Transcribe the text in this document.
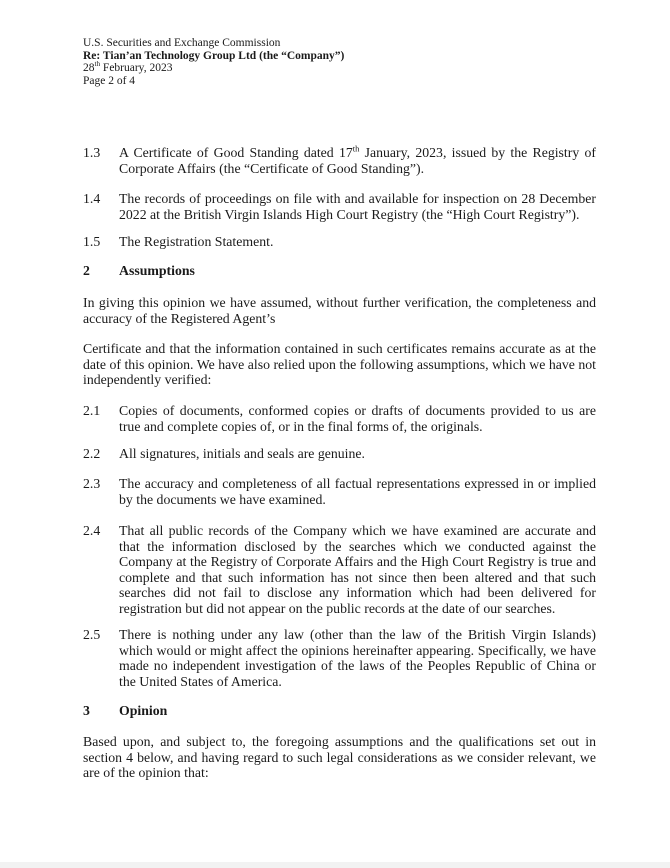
U.S. Securities and Exchange Commission
Re: Tian’an Technology Group Ltd (the “Company”)
28th February, 2023
Page 2 of 4
1.3 A Certificate of Good Standing dated 17th January, 2023, issued by the Registry of Corporate Affairs (the “Certificate of Good Standing”).
1.4 The records of proceedings on file with and available for inspection on 28 December 2022 at the British Virgin Islands High Court Registry (the “High Court Registry”).
1.5 The Registration Statement.
2 Assumptions
In giving this opinion we have assumed, without further verification, the completeness and accuracy of the Registered Agent’s
Certificate and that the information contained in such certificates remains accurate as at the date of this opinion. We have also relied upon the following assumptions, which we have not independently verified:
2.1 Copies of documents, conformed copies or drafts of documents provided to us are true and complete copies of, or in the final forms of, the originals.
2.2 All signatures, initials and seals are genuine.
2.3 The accuracy and completeness of all factual representations expressed in or implied by the documents we have examined.
2.4 That all public records of the Company which we have examined are accurate and that the information disclosed by the searches which we conducted against the Company at the Registry of Corporate Affairs and the High Court Registry is true and complete and that such information has not since then been altered and that such searches did not fail to disclose any information which had been delivered for registration but did not appear on the public records at the date of our searches.
2.5 There is nothing under any law (other than the law of the British Virgin Islands) which would or might affect the opinions hereinafter appearing. Specifically, we have made no independent investigation of the laws of the Peoples Republic of China or the United States of America.
3 Opinion
Based upon, and subject to, the foregoing assumptions and the qualifications set out in section 4 below, and having regard to such legal considerations as we consider relevant, we are of the opinion that:
